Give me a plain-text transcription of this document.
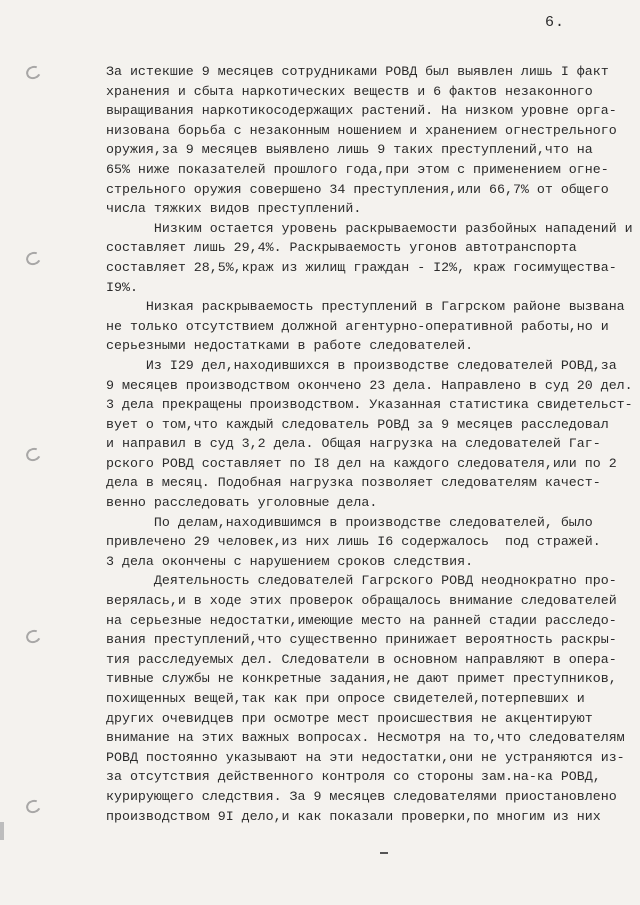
6.
За истекшие 9 месяцев сотрудниками РОВД был выявлен лишь I факт
хранения и сбыта наркотических веществ и 6 фактов незаконного
выращивания наркотикосодержащих растений. На низком уровне орга-
низована борьба с незаконным ношением и хранением огнестрельного
оружия,за 9 месяцев выявлено лишь 9 таких преступлений,что на
65% ниже показателей прошлого года,при этом с применением огне-
стрельного оружия совершено 34 преступления,или 66,7% от общего
числа тяжких видов преступлений.
Низким остается уровень раскрываемости разбойных нападений и
составляет лишь 29,4%. Раскрываемость угонов автотранспорта
составляет 28,5%,краж из жилищ граждан - I2%, краж госимущества-
I9%.
Низкая раскрываемость преступлений в Гагрском районе вызвана
не только отсутствием должной агентурно-оперативной работы,но и
серьезными недостатками в работе следователей.
Из I29 дел,находившихся в производстве следователей РОВД,за
9 месяцев производством окончено 23 дела. Направлено в суд 20 дел.
3 дела прекращены производством. Указанная статистика свидетельст-
вует о том,что каждый следователь РОВД за 9 месяцев расследовал
и направил в суд 3,2 дела. Общая нагрузка на следователей Гаг-
рского РОВД составляет по I8 дел на каждого следователя,или по 2
дела в месяц. Подобная нагрузка позволяет следователям качест-
венно расследовать уголовные дела.
По делам,находившимся в производстве следователей, было
привлечено 29 человек,из них лишь I6 содержалось  под стражей.
3 дела окончены с нарушением сроков следствия.
Деятельность следователей Гагрского РОВД неоднократно про-
верялась,и в ходе этих проверок обращалось внимание следователей
на серьезные недостатки,имеющие место на ранней стадии расследо-
вания преступлений,что существенно принижает вероятность раскры-
тия расследуемых дел. Следователи в основном направляют в опера-
тивные службы не конкретные задания,не дают примет преступников,
похищенных вещей,так как при опросе свидетелей,потерпевших и
других очевидцев при осмотре мест происшествия не акцентируют
внимание на этих важных вопросах. Несмотря на то,что следователям
РОВД постоянно указывают на эти недостатки,они не устраняются из-
за отсутствия действенного контроля со стороны зам.на-ка РОВД,
курирующего следствия. За 9 месяцев следователями приостановлено
производством 9I дело,и как показали проверки,по многим из них
